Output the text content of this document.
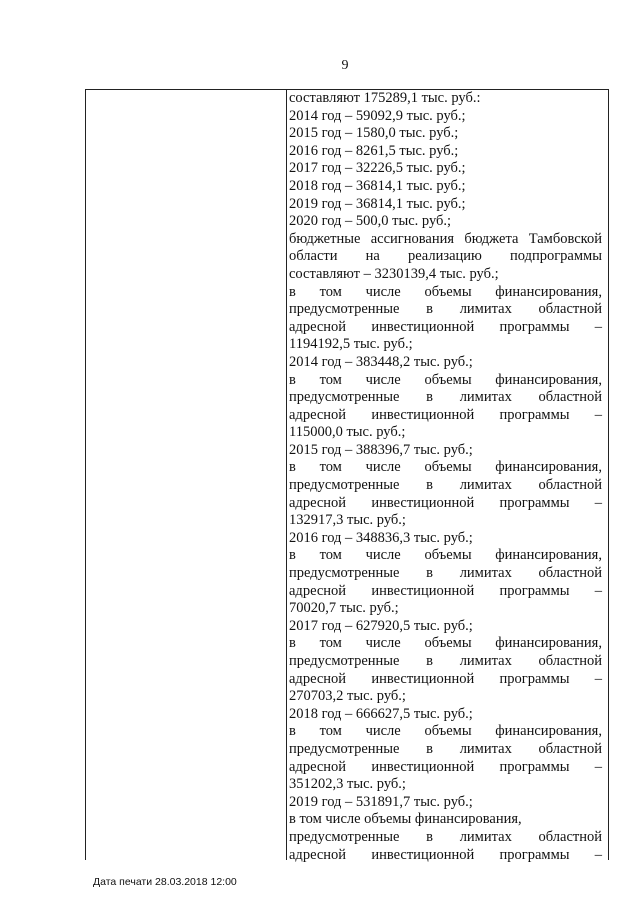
9
составляют 175289,1 тыс. руб.:
2014 год – 59092,9 тыс. руб.;
2015 год – 1580,0 тыс. руб.;
2016 год – 8261,5 тыс. руб.;
2017 год – 32226,5 тыс. руб.;
2018 год – 36814,1 тыс. руб.;
2019 год – 36814,1 тыс. руб.;
2020 год – 500,0 тыс. руб.;
бюджетные ассигнования бюджета Тамбовской
области на реализацию подпрограммы
составляют – 3230139,4 тыс. руб.;
в том числе объемы финансирования,
предусмотренные в лимитах областной
адресной инвестиционной программы –
1194192,5 тыс. руб.;
2014 год – 383448,2 тыс. руб.;
в том числе объемы финансирования,
предусмотренные в лимитах областной
адресной инвестиционной программы –
115000,0 тыс. руб.;
2015 год – 388396,7 тыс. руб.;
в том числе объемы финансирования,
предусмотренные в лимитах областной
адресной инвестиционной программы –
132917,3 тыс. руб.;
2016 год – 348836,3 тыс. руб.;
в том числе объемы финансирования,
предусмотренные в лимитах областной
адресной инвестиционной программы –
70020,7 тыс. руб.;
2017 год – 627920,5 тыс. руб.;
в том числе объемы финансирования,
предусмотренные в лимитах областной
адресной инвестиционной программы –
270703,2 тыс. руб.;
2018 год – 666627,5 тыс. руб.;
в том числе объемы финансирования,
предусмотренные в лимитах областной
адресной инвестиционной программы –
351202,3 тыс. руб.;
2019 год – 531891,7 тыс. руб.;
в том числе объемы финансирования,
предусмотренные в лимитах областной
адресной инвестиционной программы –
Дата печати 28.03.2018 12:00
